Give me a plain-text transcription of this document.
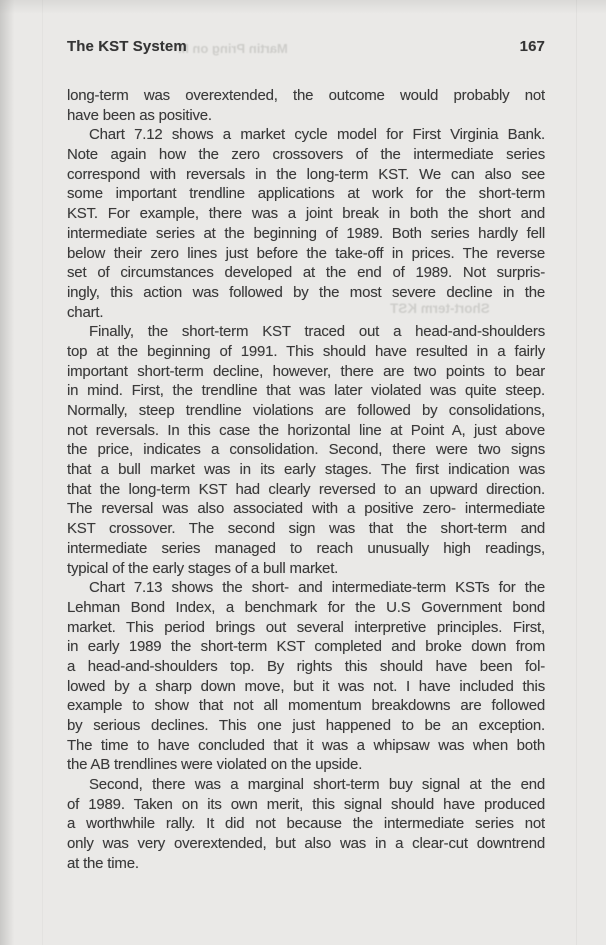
Martin Pring on M
Short-term KST
The KST System	167
long-term was overextended, the outcome would probably not
have been as positive.
Chart 7.12 shows a market cycle model for First Virginia Bank.
Note again how the zero crossovers of the intermediate series
correspond with reversals in the long-term KST. We can also see
some important trendline applications at work for the short-term
KST. For example, there was a joint break in both the short and
intermediate series at the beginning of 1989. Both series hardly fell
below their zero lines just before the take-off in prices. The reverse
set of circumstances developed at the end of 1989. Not surpris-
ingly, this action was followed by the most severe decline in the
chart.
Finally, the short-term KST traced out a head-and-shoulders
top at the beginning of 1991. This should have resulted in a fairly
important short-term decline, however, there are two points to bear
in mind. First, the trendline that was later violated was quite steep.
Normally, steep trendline violations are followed by consolidations,
not reversals. In this case the horizontal line at Point A, just above
the price, indicates a consolidation. Second, there were two signs
that a bull market was in its early stages. The first indication was
that the long-term KST had clearly reversed to an upward direction.
The reversal was also associated with a positive zero- intermediate
KST crossover. The second sign was that the short-term and
intermediate series managed to reach unusually high readings,
typical of the early stages of a bull market.
Chart 7.13 shows the short- and intermediate-term KSTs for the
Lehman Bond Index, a benchmark for the U.S Government bond
market. This period brings out several interpretive principles. First,
in early 1989 the short-term KST completed and broke down from
a head-and-shoulders top. By rights this should have been fol-
lowed by a sharp down move, but it was not. I have included this
example to show that not all momentum breakdowns are followed
by serious declines. This one just happened to be an exception.
The time to have concluded that it was a whipsaw was when both
the AB trendlines were violated on the upside.
Second, there was a marginal short-term buy signal at the end
of 1989. Taken on its own merit, this signal should have produced
a worthwhile rally. It did not because the intermediate series not
only was very overextended, but also was in a clear-cut downtrend
at the time.
